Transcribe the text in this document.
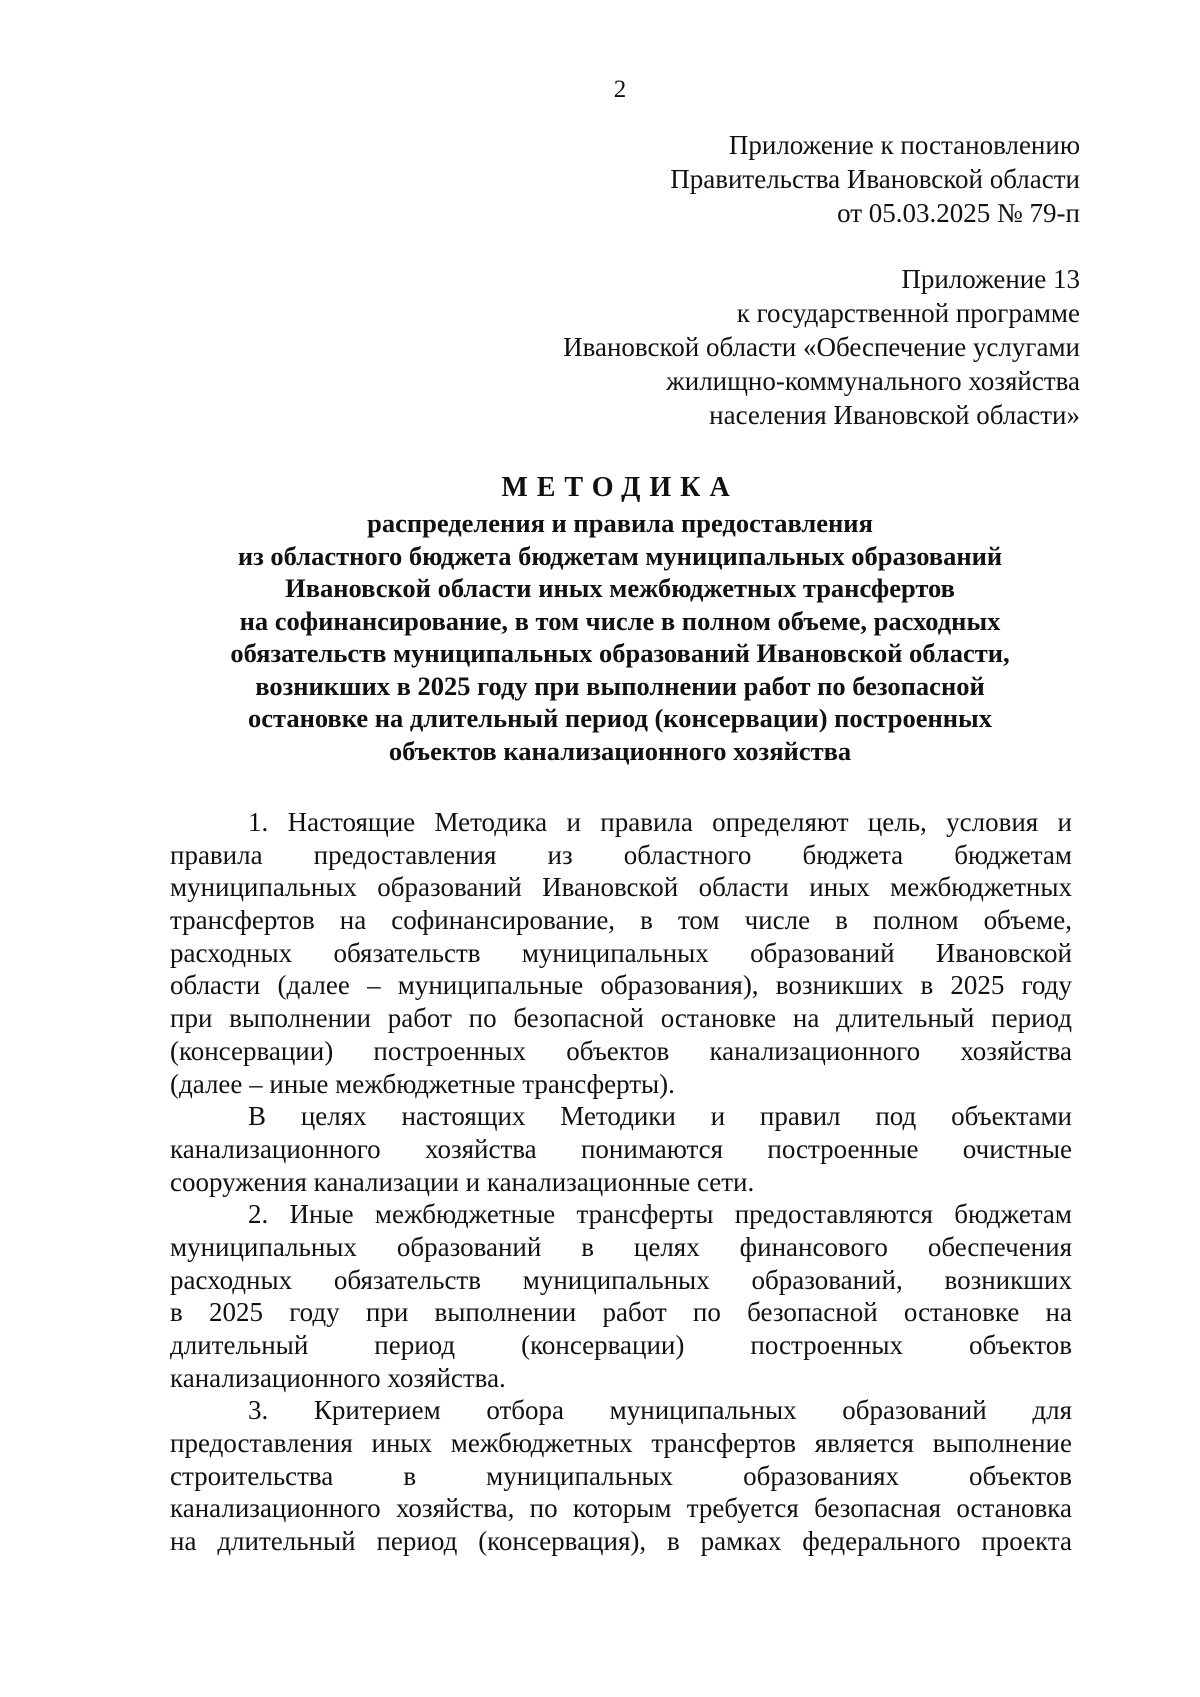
2
Приложение к постановлению
Правительства Ивановской области
от 05.03.2025 № 79-п
Приложение 13
к государственной программе
Ивановской области «Обеспечение услугами
жилищно-коммунального хозяйства
населения Ивановской области»
МЕТОДИКА
распределения и правила предоставления
из областного бюджета бюджетам муниципальных образований
Ивановской области иных межбюджетных трансфертов
на софинансирование, в том числе в полном объеме, расходных
обязательств муниципальных образований Ивановской области,
возникших в 2025 году при выполнении работ по безопасной
остановке на длительный период (консервации) построенных
объектов канализационного хозяйства
1. Настоящие Методика и правила определяют цель, условия и
правила предоставления из областного бюджета бюджетам
муниципальных образований Ивановской области иных межбюджетных
трансфертов на софинансирование, в том числе в полном объеме,
расходных обязательств муниципальных образований Ивановской
области (далее – муниципальные образования), возникших в 2025 году
при выполнении работ по безопасной остановке на длительный период
(консервации) построенных объектов канализационного хозяйства
(далее – иные межбюджетные трансферты).
В целях настоящих Методики и правил под объектами
канализационного хозяйства понимаются построенные очистные
сооружения канализации и канализационные сети.
2. Иные межбюджетные трансферты предоставляются бюджетам
муниципальных образований в целях финансового обеспечения
расходных обязательств муниципальных образований, возникших
в 2025 году при выполнении работ по безопасной остановке на
длительный период (консервации) построенных объектов
канализационного хозяйства.
3. Критерием отбора муниципальных образований для
предоставления иных межбюджетных трансфертов является выполнение
строительства в муниципальных образованиях объектов
канализационного хозяйства, по которым требуется безопасная остановка
на длительный период (консервация), в рамках федерального проекта
